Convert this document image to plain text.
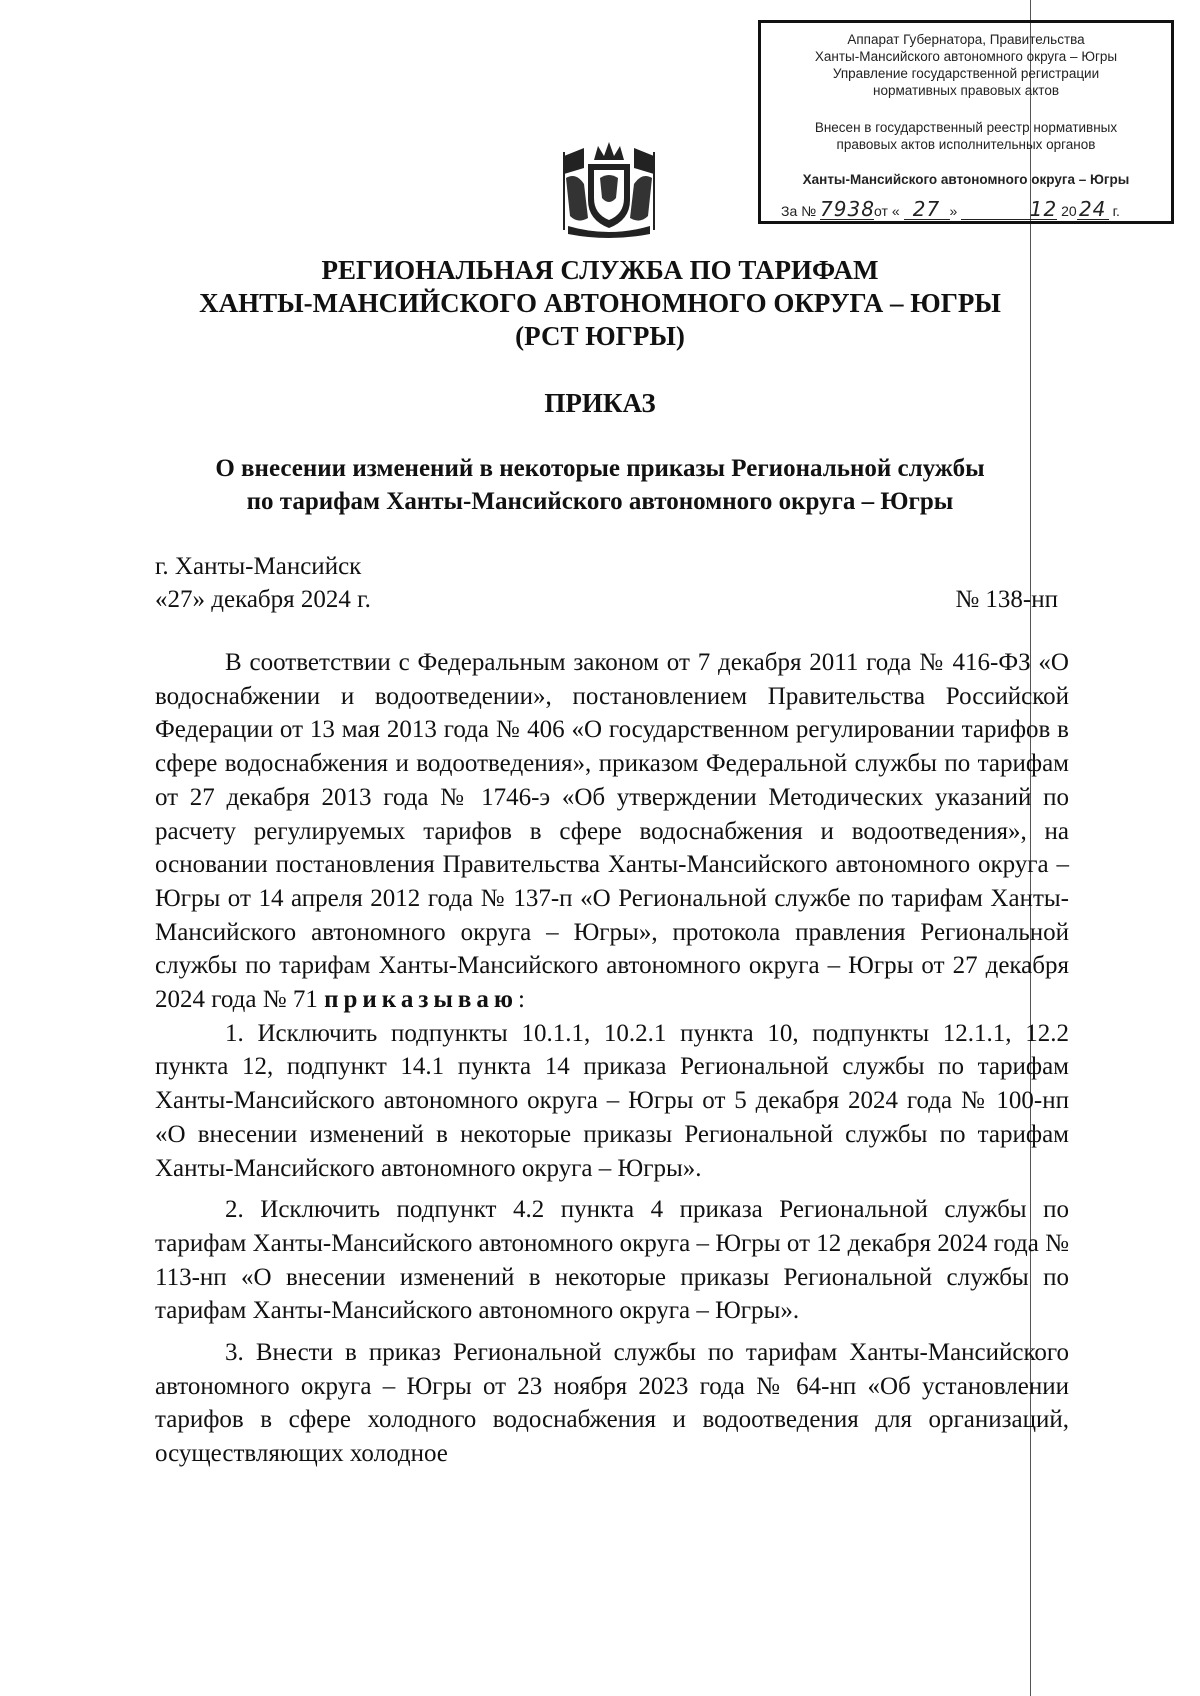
Аппарат Губернатора, Правительства
Ханты-Мансийского автономного округа – Югры
Управление государственной регистрации
нормативных правовых актов
Внесен в государственный реестр нормативных
правовых актов исполнительных органов
Ханты-Мансийского автономного округа – Югры
За № 7938от « 27 »	12 20 24 г.
РЕГИОНАЛЬНАЯ СЛУЖБА ПО ТАРИФАМ
ХАНТЫ-МАНСИЙСКОГО АВТОНОМНОГО ОКРУГА – ЮГРЫ
(РСТ ЮГРЫ)
ПРИКАЗ
О внесении изменений в некоторые приказы Региональной службы
по тарифам Ханты-Мансийского автономного округа – Югры
г. Ханты-Мансийск
«27» декабря 2024 г.	№ 138-нп

В соответствии с Федеральным законом от 7 декабря 2011 года № 416-ФЗ «О водоснабжении и водоотведении», постановлением Правительства Российской Федерации от 13 мая 2013 года № 406 «О государственном регулировании тарифов в сфере водоснабжения и водоотведения», приказом Федеральной службы по тарифам от 27 декабря 2013 года № 1746-э «Об утверждении Методических указаний по расчету регулируемых тарифов в сфере водоснабжения и водоотведения», на основании постановления Правительства Ханты-Мансийского автономного округа – Югры от 14 апреля 2012 года № 137-п «О Региональной службе по тарифам Ханты-Мансийского автономного округа – Югры», протокола правления Региональной службы по тарифам Ханты-Мансийского автономного округа – Югры от 27 декабря 2024 года № 71 приказываю:

1. Исключить подпункты 10.1.1, 10.2.1 пункта 10, подпункты 12.1.1, 12.2 пункта 12, подпункт 14.1 пункта 14 приказа Региональной службы по тарифам Ханты-Мансийского автономного округа – Югры от 5 декабря 2024 года № 100-нп «О внесении изменений в некоторые приказы Региональной службы по тарифам Ханты-Мансийского автономного округа – Югры».

2. Исключить подпункт 4.2 пункта 4 приказа Региональной службы по тарифам Ханты-Мансийского автономного округа – Югры от 12 декабря 2024 года № 113-нп «О внесении изменений в некоторые приказы Региональной службы по тарифам Ханты-Мансийского автономного округа – Югры».

3. Внести в приказ Региональной службы по тарифам Ханты-Мансийского автономного округа – Югры от 23 ноября 2023 года № 64-нп «Об установлении тарифов в сфере холодного водоснабжения и водоотведения для организаций, осуществляющих холодное
